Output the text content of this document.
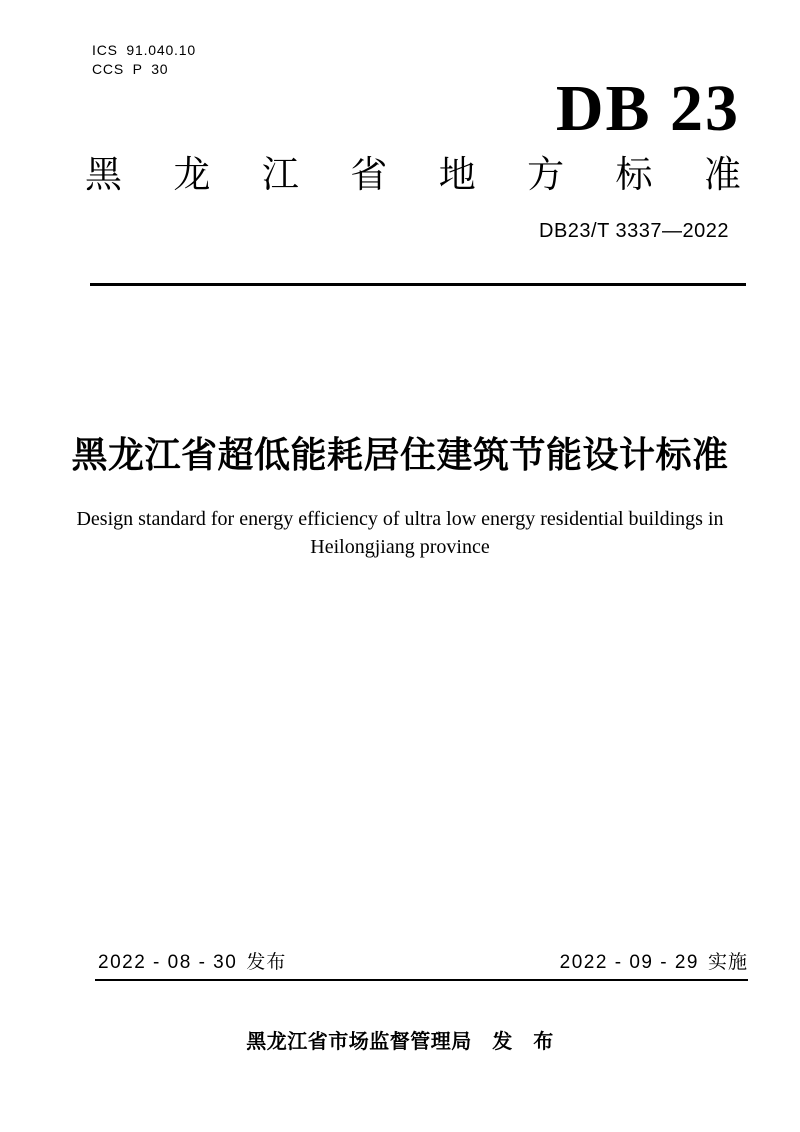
ICS 91.040.10
CCS P 30
DB 23
黑 龙 江 省 地 方 标 准
DB23/T 3337—2022
黑龙江省超低能耗居住建筑节能设计标准
Design standard for energy efficiency of ultra low energy residential buildings in
Heilongjiang province
2022 - 08 - 30 发布	2022 - 09 - 29 实施
黑龙江省市场监督管理局　发　布
